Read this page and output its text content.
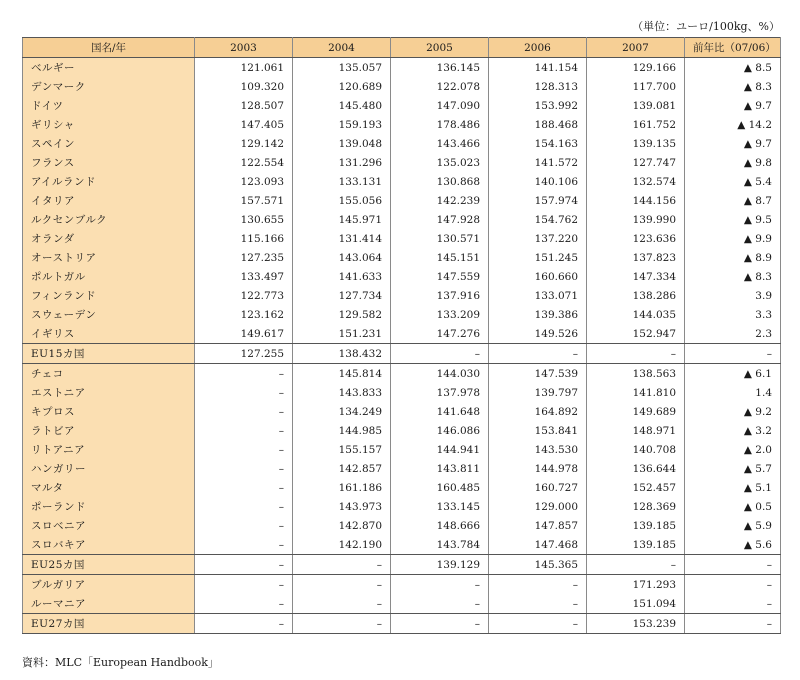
（単位：ユーロ/100kg、%）
国名/年	2003	2004	2005	2006	2007	前年比（07/06）
ベルギー	121.061	135.057	136.145	141.154	129.166	▲ 8.5
デンマーク	109.320	120.689	122.078	128.313	117.700	▲ 8.3
ドイツ	128.507	145.480	147.090	153.992	139.081	▲ 9.7
ギリシャ	147.405	159.193	178.486	188.468	161.752	▲ 14.2
スペイン	129.142	139.048	143.466	154.163	139.135	▲ 9.7
フランス	122.554	131.296	135.023	141.572	127.747	▲ 9.8
アイルランド	123.093	133.131	130.868	140.106	132.574	▲ 5.4
イタリア	157.571	155.056	142.239	157.974	144.156	▲ 8.7
ルクセンブルク	130.655	145.971	147.928	154.762	139.990	▲ 9.5
オランダ	115.166	131.414	130.571	137.220	123.636	▲ 9.9
オーストリア	127.235	143.064	145.151	151.245	137.823	▲ 8.9
ポルトガル	133.497	141.633	147.559	160.660	147.334	▲ 8.3
フィンランド	122.773	127.734	137.916	133.071	138.286	3.9
スウェーデン	123.162	129.582	133.209	139.386	144.035	3.3
イギリス	149.617	151.231	147.276	149.526	152.947	2.3
EU15カ国	127.255	138.432	–	–	–	–
チェコ	–	145.814	144.030	147.539	138.563	▲ 6.1
エストニア	–	143.833	137.978	139.797	141.810	1.4
キプロス	–	134.249	141.648	164.892	149.689	▲ 9.2
ラトビア	–	144.985	146.086	153.841	148.971	▲ 3.2
リトアニア	–	155.157	144.941	143.530	140.708	▲ 2.0
ハンガリー	–	142.857	143.811	144.978	136.644	▲ 5.7
マルタ	–	161.186	160.485	160.727	152.457	▲ 5.1
ポーランド	–	143.973	133.145	129.000	128.369	▲ 0.5
スロベニア	–	142.870	148.666	147.857	139.185	▲ 5.9
スロバキア	–	142.190	143.784	147.468	139.185	▲ 5.6
EU25カ国	–	–	139.129	145.365	–	–
ブルガリア	–	–	–	–	171.293	–
ルーマニア	–	–	–	–	151.094	–
EU27カ国	–	–	–	–	153.239	–
資料：MLC「European Handbook」
